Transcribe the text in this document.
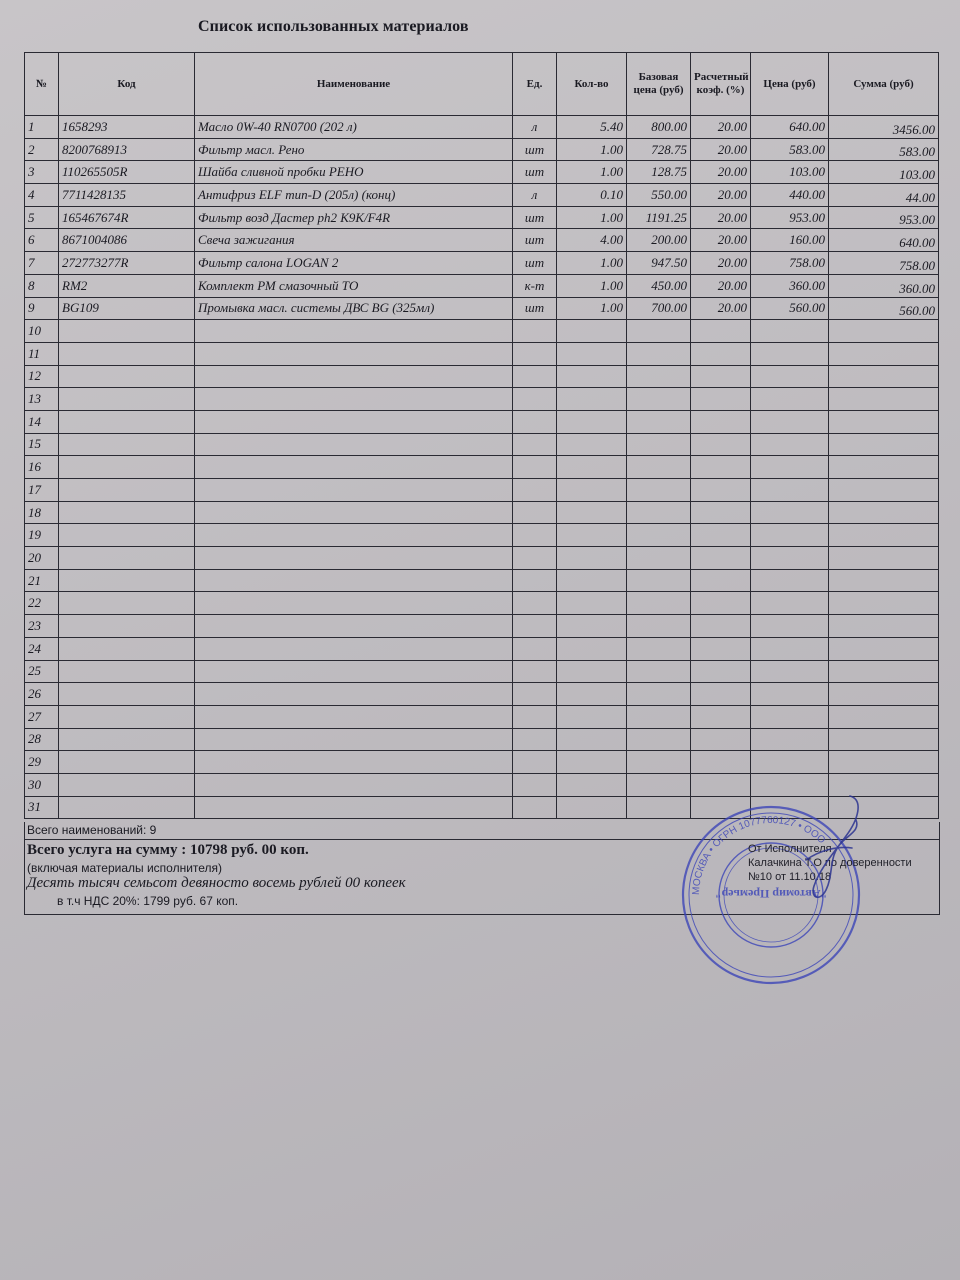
Список использованных материалов
№	Код	Наименование	Ед.	Кол-во	Базовая цена (руб)	Расчетный коэф. (%)	Цена (руб)	Сумма (руб)
1	1658293	Масло 0W-40 RN0700 (202 л)	л	5.40	800.00	20.00	640.00	3456.00
2	8200768913	Фильтр масл. Рено	шт	1.00	728.75	20.00	583.00	583.00
3	110265505R	Шайба сливной пробки РЕНО	шт	1.00	128.75	20.00	103.00	103.00
4	7711428135	Антифриз ELF тип-D (205л) (конц)	л	0.10	550.00	20.00	440.00	44.00
5	165467674R	Фильтр возд Дастер ph2 K9K/F4R	шт	1.00	1191.25	20.00	953.00	953.00
6	8671004086	Свеча зажигания	шт	4.00	200.00	20.00	160.00	640.00
7	272773277R	Фильтр салона LOGAN 2	шт	1.00	947.50	20.00	758.00	758.00
8	RM2	Комплект РМ смазочный ТО	к-т	1.00	450.00	20.00	360.00	360.00
9	BG109	Промывка масл. системы ДВС BG (325мл)	шт	1.00	700.00	20.00	560.00	560.00
10								
11								
12								
13								
14								
15								
16								
17								
18								
19								
20								
21								
22								
23								
24								
25								
26								
27								
28								
29								
30								
31								
Всего наименований: 9
Всего услуга на сумму : 10798 руб. 00 коп.
(включая материалы исполнителя)
Десять тысяч семьсот девяносто восемь рублей 00 копеек
в т.ч НДС 20%: 1799 руб. 67 коп.
МОСКВА • ОГРН 1077760127 • ООО
"Автомир Премьер"
От Исполнителя
Калачкина Т.О по доверенности
№10 от 11.10.18
